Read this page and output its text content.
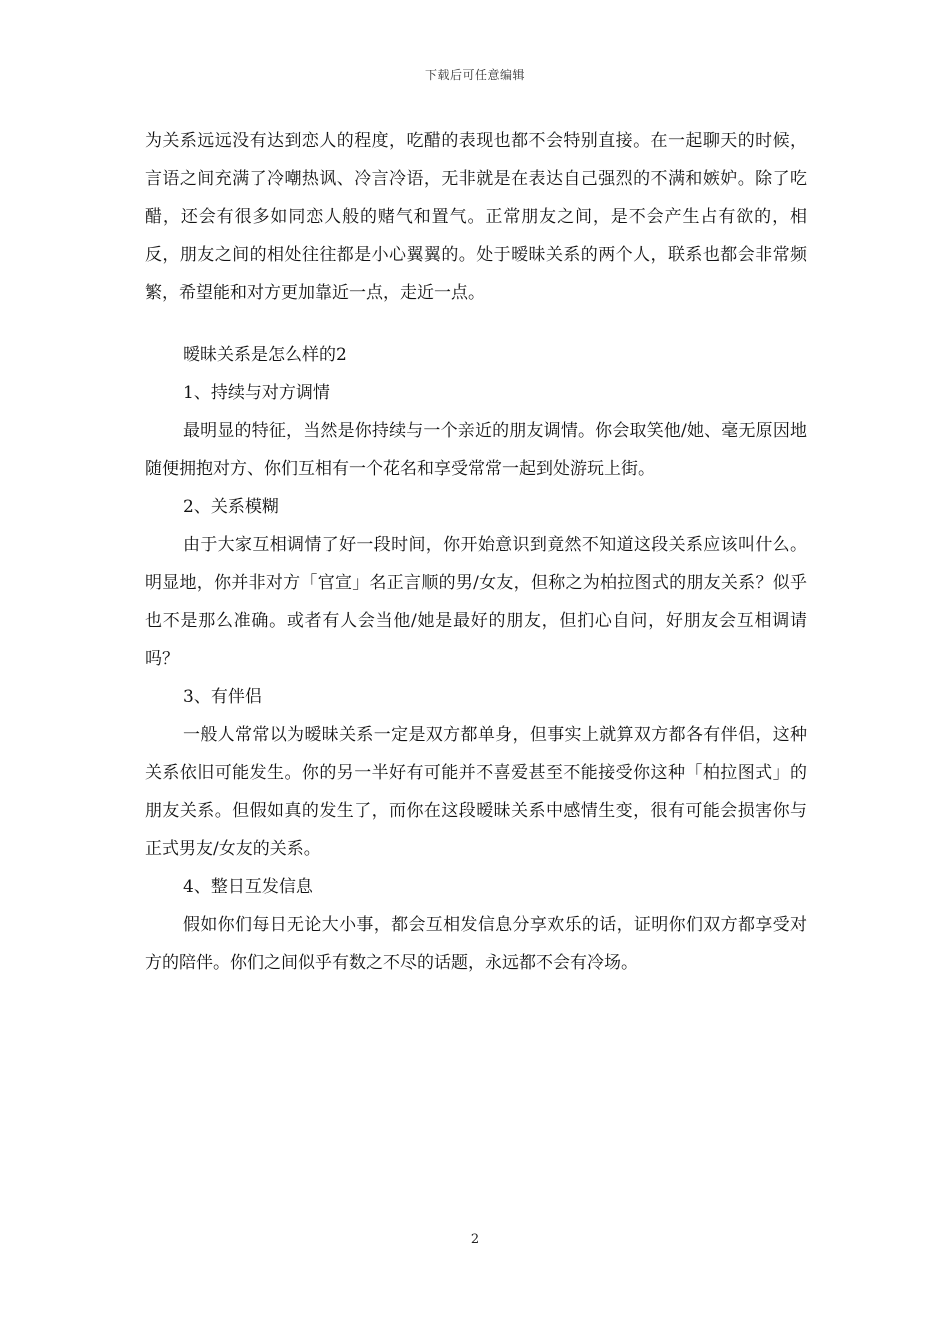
下载后可任意编辑

为关系远远没有达到恋人的程度，吃醋的表现也都不会特别直接。在一起聊天的时候，言语之间充满了冷嘲热讽、冷言冷语，无非就是在表达自己强烈的不满和嫉妒。除了吃醋，还会有很多如同恋人般的赌气和置气。正常朋友之间，是不会产生占有欲的，相反，朋友之间的相处往往都是小心翼翼的。处于暧昧关系的两个人，联系也都会非常频繁，希望能和对方更加靠近一点，走近一点。

暧昧关系是怎么样的2

1、持续与对方调情

最明显的特征，当然是你持续与一个亲近的朋友调情。你会取笑他/她、毫无原因地随便拥抱对方、你们互相有一个花名和享受常常一起到处游玩上街。

2、关系模糊

由于大家互相调情了好一段时间，你开始意识到竟然不知道这段关系应该叫什么。明显地，你并非对方「官宣」名正言顺的男/女友，但称之为柏拉图式的朋友关系？似乎也不是那么准确。或者有人会当他/她是最好的朋友，但扪心自问，好朋友会互相调请吗？

3、有伴侣

一般人常常以为暧昧关系一定是双方都单身，但事实上就算双方都各有伴侣，这种关系依旧可能发生。你的另一半好有可能并不喜爱甚至不能接受你这种「柏拉图式」的朋友关系。但假如真的发生了，而你在这段暧昧关系中感情生变，很有可能会损害你与正式男友/女友的关系。

4、整日互发信息

假如你们每日无论大小事，都会互相发信息分享欢乐的话，证明你们双方都享受对方的陪伴。你们之间似乎有数之不尽的话题，永远都不会有冷场。

2
